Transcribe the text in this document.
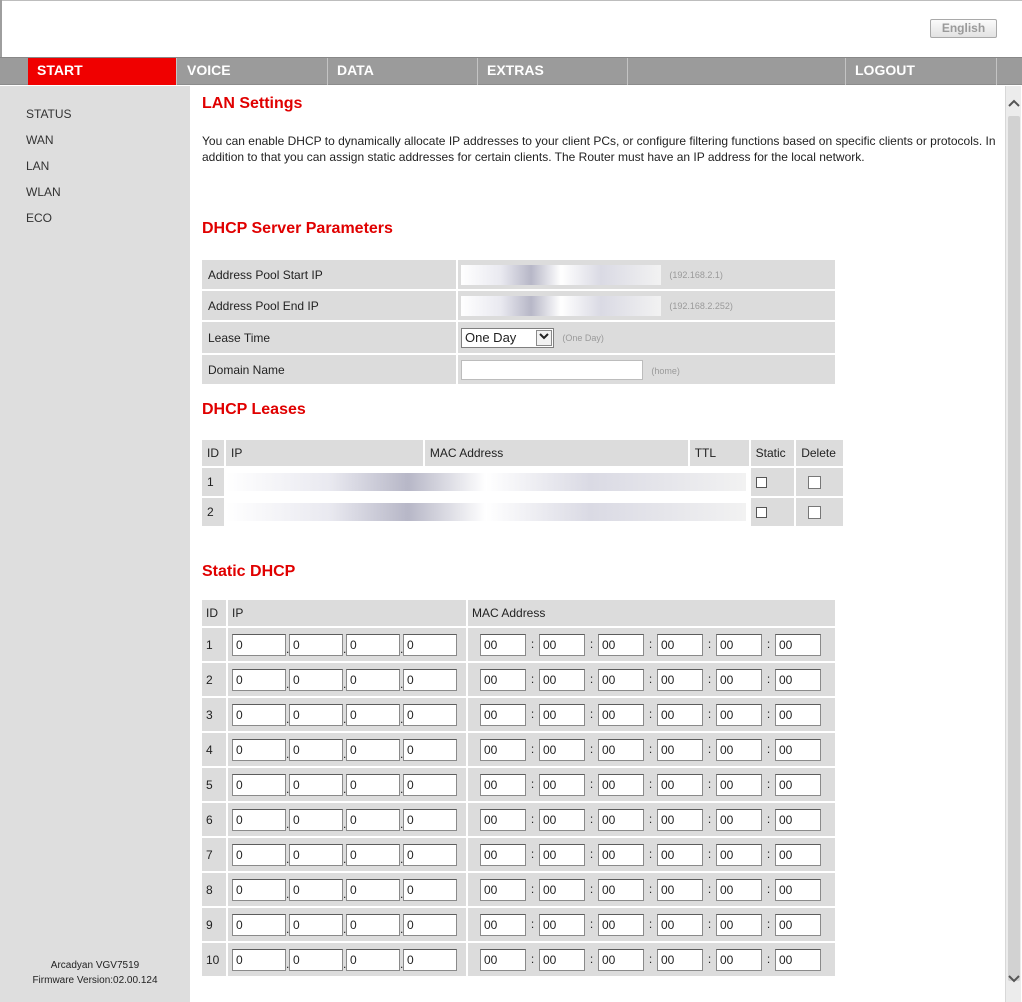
English
START	VOICE	DATA	EXTRAS	LOGOUT
STATUS
WAN
LAN
WLAN
ECO
Arcadyan VGV7519
Firmware Version:02.00.124
LAN Settings
You can enable DHCP to dynamically allocate IP addresses to your client PCs, or configure filtering functions based on specific clients or protocols. In addition to that you can assign static addresses for certain clients. The Router must have an IP address for the local network.
DHCP Server Parameters
Address Pool Start IP	(192.168.2.1)
Address Pool End IP	(192.168.2.252)
Lease Time	One Day (One Day)
Domain Name	(home)
DHCP Leases
ID	IP	MAC Address	TTL	Static	Delete
1					
2					
Static DHCP
ID	IP	MAC Address
1	0 . 0 . 0 . 0	00 : 00 : 00 : 00 : 00 : 00
2	0 . 0 . 0 . 0	00 : 00 : 00 : 00 : 00 : 00
3	0 . 0 . 0 . 0	00 : 00 : 00 : 00 : 00 : 00
4	0 . 0 . 0 . 0	00 : 00 : 00 : 00 : 00 : 00
5	0 . 0 . 0 . 0	00 : 00 : 00 : 00 : 00 : 00
6	0 . 0 . 0 . 0	00 : 00 : 00 : 00 : 00 : 00
7	0 . 0 . 0 . 0	00 : 00 : 00 : 00 : 00 : 00
8	0 . 0 . 0 . 0	00 : 00 : 00 : 00 : 00 : 00
9	0 . 0 . 0 . 0	00 : 00 : 00 : 00 : 00 : 00
10	0 . 0 . 0 . 0	00 : 00 : 00 : 00 : 00 : 00
